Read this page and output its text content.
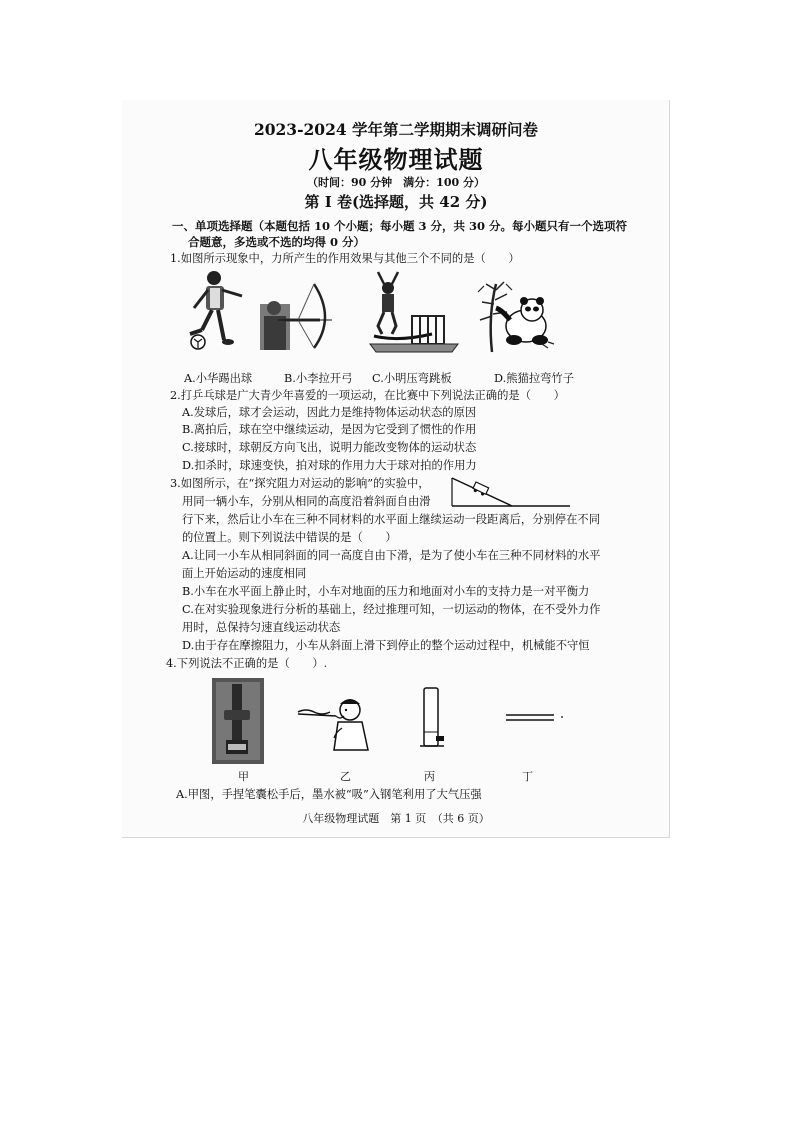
2023-2024 学年第二学期期末调研问卷
八年级物理试题
（时间：90 分钟　满分：100 分）
第 I 卷(选择题，共 42 分)
一、单项选择题（本题包括 10 个小题；每小题 3 分，共 30 分。每小题只有一个选项符
合题意，多选或不选的均得 0 分）
1.如图所示现象中，力所产生的作用效果与其他三个不同的是（　　）
A.小华踢出球	B.小李拉开弓 C.小明压弯跳板	D.熊猫拉弯竹子
2.打乒乓球是广大青少年喜爱的一项运动，在比赛中下列说法正确的是（　　）
A.发球后，球才会运动，因此力是维持物体运动状态的原因
B.离拍后，球在空中继续运动，是因为它受到了惯性的作用
C.接球时，球朝反方向飞出，说明力能改变物体的运动状态
D.扣杀时，球速变快，拍对球的作用力大于球对拍的作用力
3.如图所示，在“探究阻力对运动的影响”的实验中，
用同一辆小车，分别从相同的高度沿着斜面自由滑
行下来，然后让小车在三种不同材料的水平面上继续运动一段距离后，分别停在不同
的位置上。则下列说法中错误的是（　　）
A.让同一小车从相同斜面的同一高度自由下滑，是为了使小车在三种不同材料的水平
面上开始运动的速度相同
B.小车在水平面上静止时，小车对地面的压力和地面对小车的支持力是一对平衡力
C.在对实验现象进行分析的基础上，经过推理可知，一切运动的物体，在不受外力作
用时，总保持匀速直线运动状态
D.由于存在摩擦阻力，小车从斜面上滑下到停止的整个运动过程中，机械能不守恒
4.下列说法不正确的是（　　）.
甲	乙	丙	丁
A.甲图，手捏笔囊松手后，墨水被“吸”入钢笔利用了大气压强
八年级物理试题　第 1 页　（共 6 页）
